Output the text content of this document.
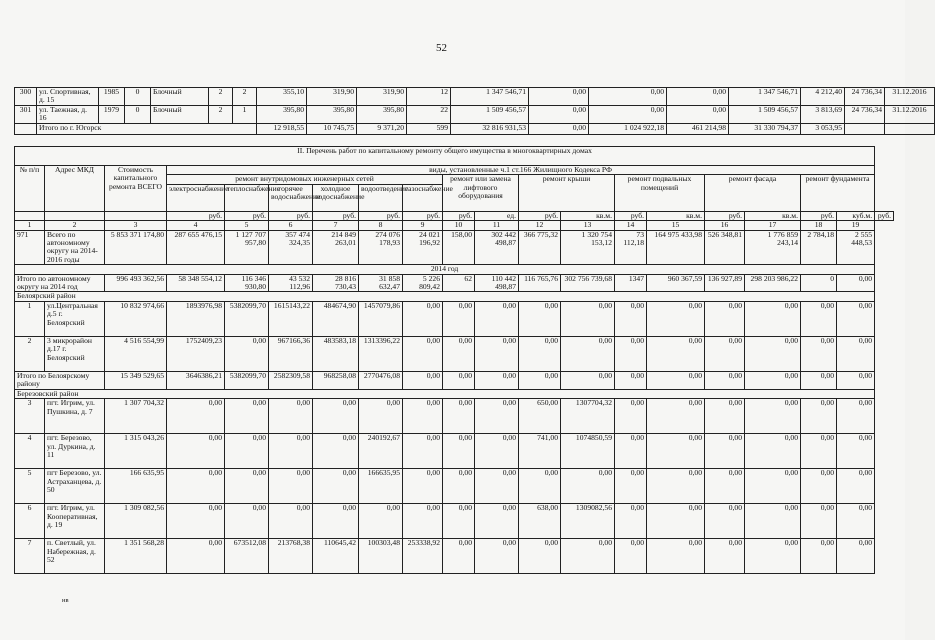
52
300	ул. Спортивная, д. 15	1985	0	Блочный	2	2	355,10	319,90	319,90	12	1 347 546,71	0,00	0,00	0,00	1 347 546,71	4 212,40	24 736,34	31.12.2016
301	ул. Таежная, д. 16	1979	0	Блочный	2	1	395,80	395,80	395,80	22	1 509 456,57	0,00	0,00	0,00	1 509 456,57	3 813,69	24 736,34	31.12.2016
	Итого по г. Югорск						12 918,55	10 745,75	9 371,20	599	32 816 931,53	0,00	1 024 922,18	461 214,98	31 330 794,37	3 053,95		
II. Перечень работ по капитальному ремонту общего имущества в многоквартирных домах																			
№ п/п	Адрес МКД	Стоимость капитального ремонта ВСЕГО	виды, установленные ч.1 ст.166 Жилищного Кодекса РФ																
			ремонт внутридомовых инженерных сетей						ремонт или замена лифтового оборудования		ремонт крыши		ремонт подвальных помещений		ремонт фасада		ремонт фундамента		
			электроснабжение	теплоснабжение	горячее водоснабжение	холодное водоснабжение	водоотведение	газоснабжение											
			руб.	руб.	руб.	руб.	руб.	руб.	руб.	ед.	руб.	кв.м.	руб.	кв.м.	руб.	кв.м.	руб.	куб.м.	руб.
1	2	3	4	5	6	7	8	9	10	11	12	13	14	15	16	17	18	19	
971	Всего по автономному округу на 2014-2016 годы	5 853 371 174,80	287 655 476,15	1 127 707 957,80	357 474 324,35	214 849 263,01	274 076 178,93	24 021 196,92	158,00	302 442 498,87	366 775,32	1 320 754 153,12	73 112,18	164 975 433,98	526 348,81	1 776 859 243,14	2 784,18	2 555 448,53	
2014 год																			
Итого по автономному округу на 2014 год		996 493 362,56	58 348 554,12	116 346 930,80	43 532 112,96	28 816 730,43	31 858 632,47	5 226 809,42	62	110 442 498,87	116 765,76	302 756 739,68	1347	960 367,59	136 927,89	298 203 986,22	0	0,00	
Белоярский район																			
1	ул.Центральная д.5 г. Белоярский	10 832 974,66	1893976,98	5382099,70	1615143,22	484674,90	1457079,86	0,00	0,00	0,00	0,00	0,00	0,00	0,00	0,00	0,00	0,00	0,00	
2	3 микрорайон д.17 г. Белоярский	4 516 554,99	1752409,23	0,00	967166,36	483583,18	1313396,22	0,00	0,00	0,00	0,00	0,00	0,00	0,00	0,00	0,00	0,00	0,00	
Итого по Белоярскому району		15 349 529,65	3646386,21	5382099,70	2582309,58	968258,08	2770476,08	0,00	0,00	0,00	0,00	0,00	0,00	0,00	0,00	0,00	0,00	0,00	
Березовский район																			
3	пгт. Игрим, ул. Пушкина, д. 7	1 307 704,32	0,00	0,00	0,00	0,00	0,00	0,00	0,00	0,00	650,00	1307704,32	0,00	0,00	0,00	0,00	0,00	0,00	
4	пгт. Березово, ул. Дуркина, д. 11	1 315 043,26	0,00	0,00	0,00	0,00	240192,67	0,00	0,00	0,00	741,00	1074850,59	0,00	0,00	0,00	0,00	0,00	0,00	
5	пгт Березово, ул. Астраханцева, д. 50	166 635,95	0,00	0,00	0,00	0,00	166635,95	0,00	0,00	0,00	0,00	0,00	0,00	0,00	0,00	0,00	0,00	0,00	
6	пгт. Игрим, ул. Кооперативная, д. 19	1 309 082,56	0,00	0,00	0,00	0,00	0,00	0,00	0,00	0,00	638,00	1309082,56	0,00	0,00	0,00	0,00	0,00	0,00	
7	п. Светлый, ул. Набережная, д. 52	1 351 568,28	0,00	673512,08	213768,38	110645,42	100303,48	253338,92	0,00	0,00	0,00	0,00	0,00	0,00	0,00	0,00	0,00	0,00	
нв
